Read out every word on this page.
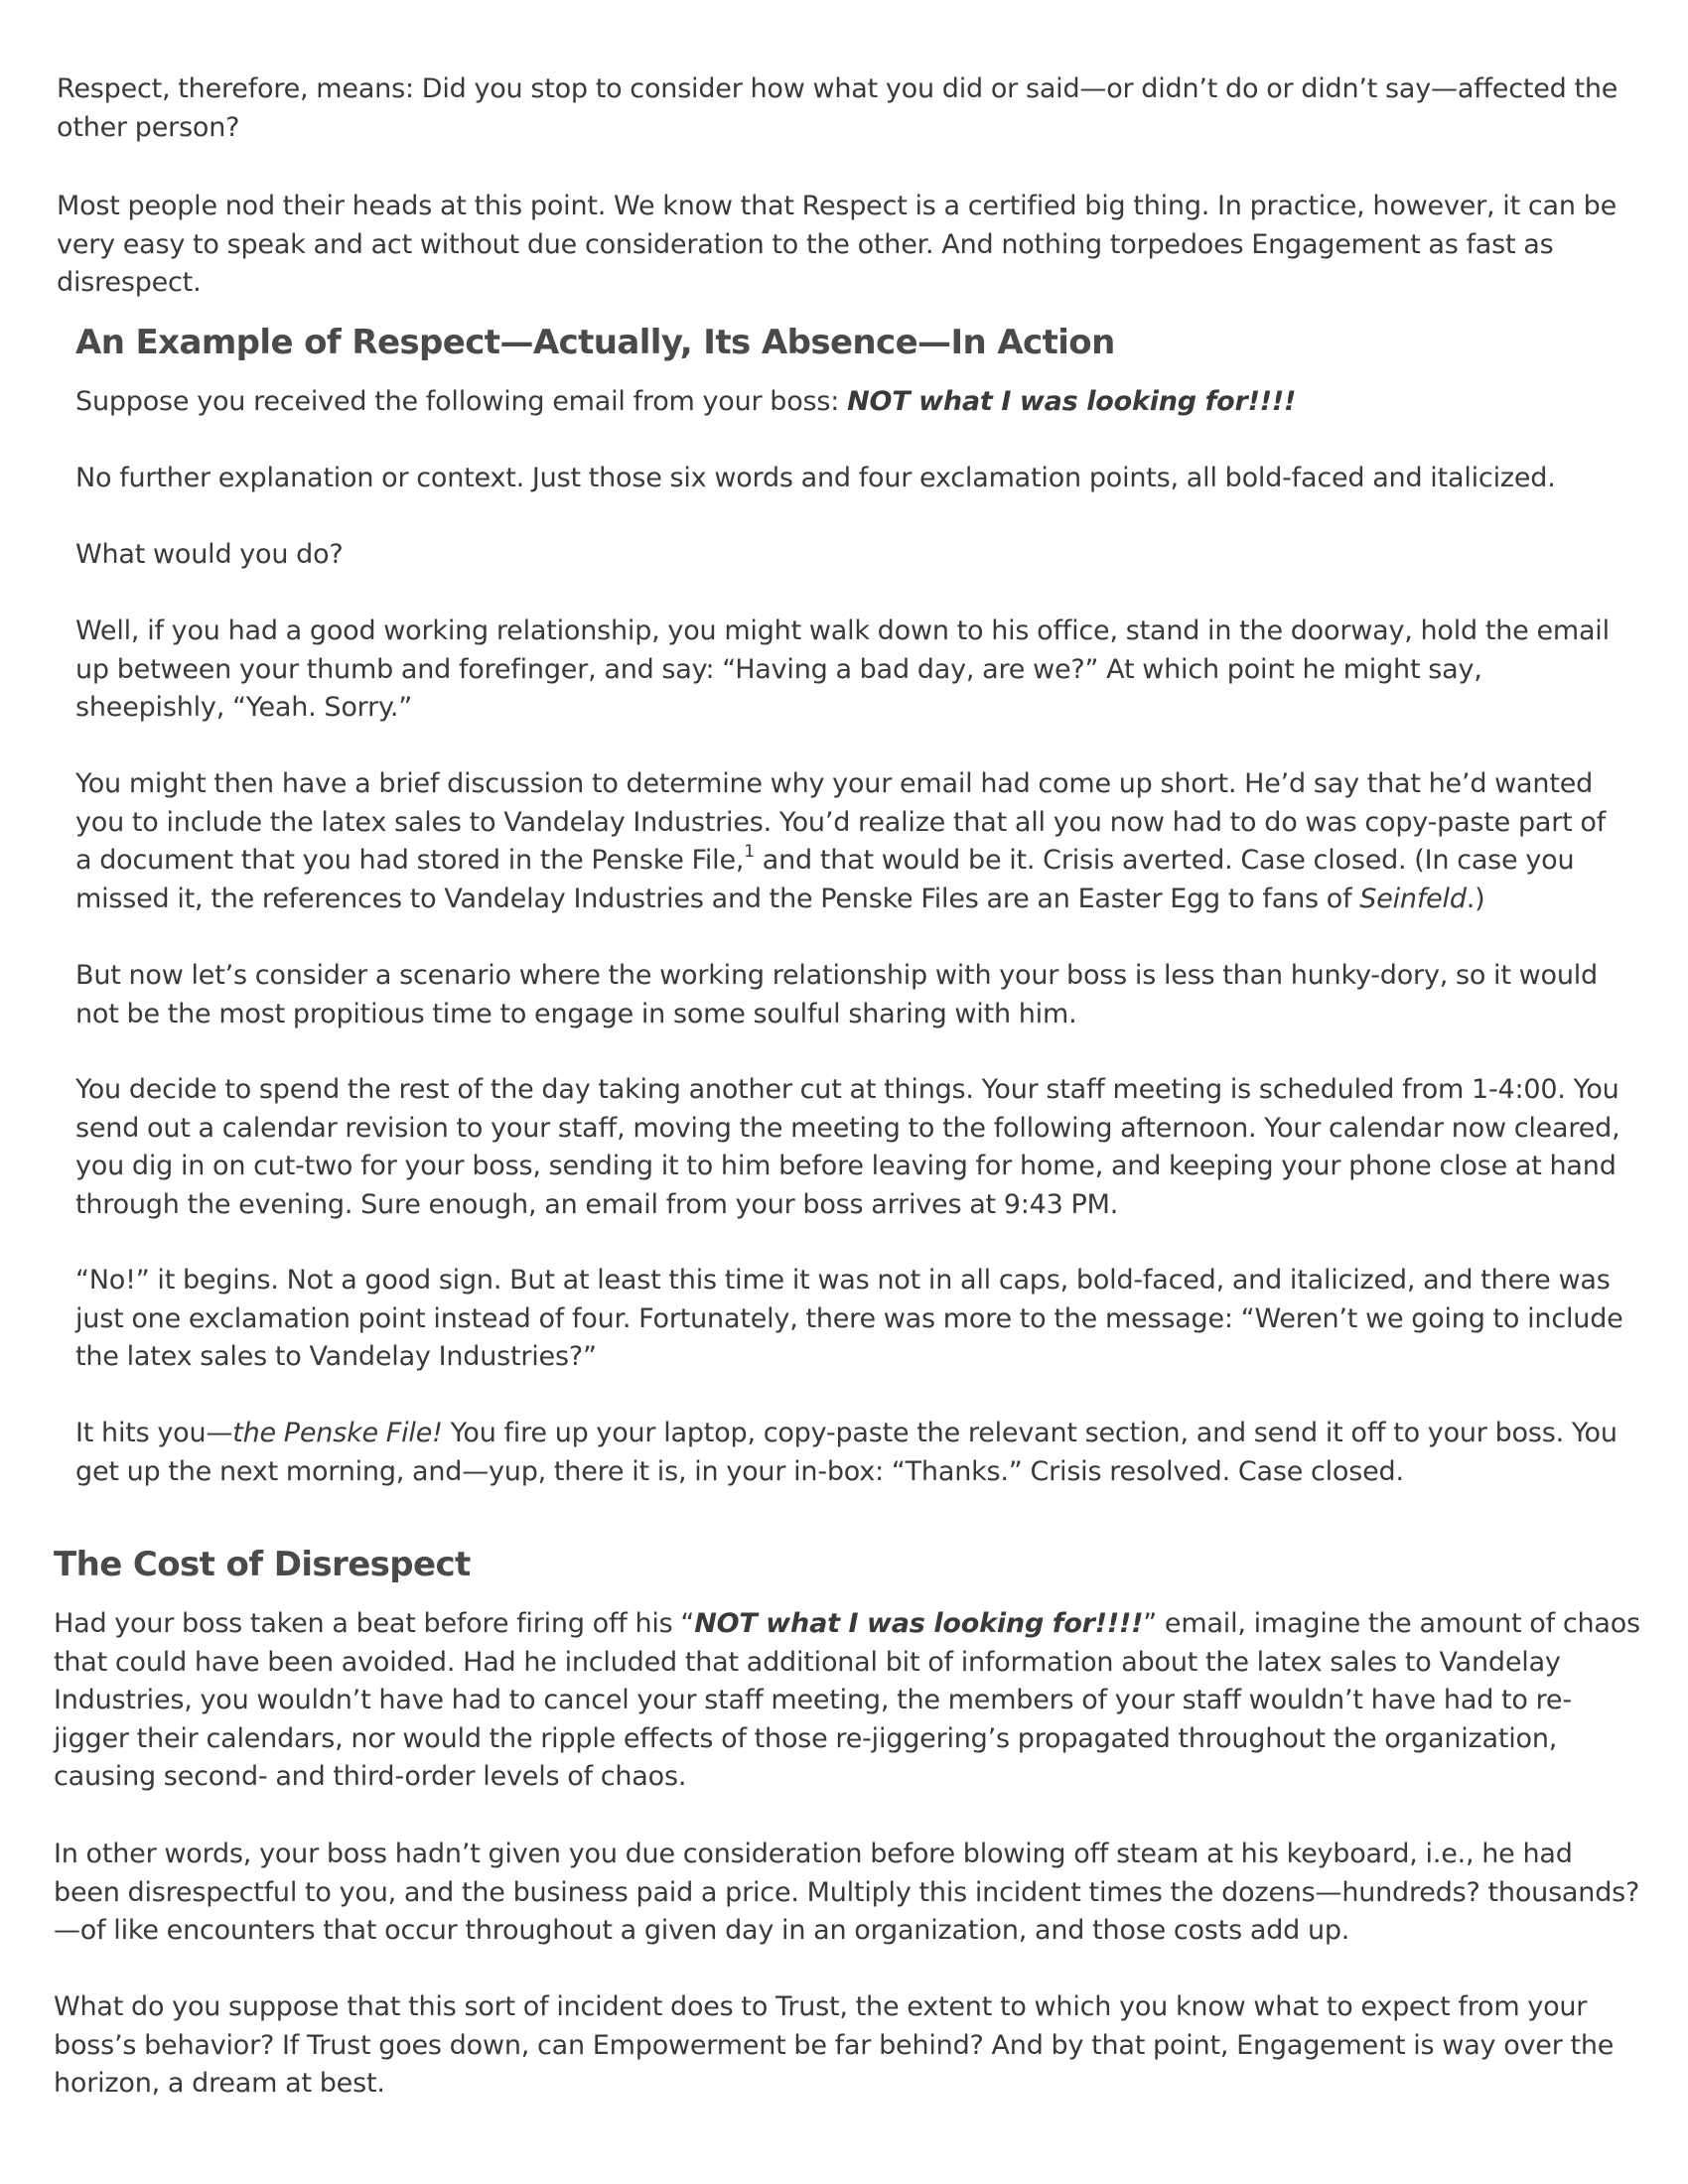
Respect, therefore, means: Did you stop to consider how what you did or said—or didn’t do or didn’t say—affected the other person?

Most people nod their heads at this point. We know that Respect is a certified big thing. In practice, however, it can be very easy to speak and act without due consideration to the other. And nothing torpedoes Engagement as fast as disrespect.

An Example of Respect—Actually, Its Absence—In Action

Suppose you received the following email from your boss: NOT what I was looking for!!!!

No further explanation or context. Just those six words and four exclamation points, all bold-faced and italicized.

What would you do?

Well, if you had a good working relationship, you might walk down to his office, stand in the doorway, hold the email up between your thumb and forefinger, and say: “Having a bad day, are we?” At which point he might say, sheepishly, “Yeah. Sorry.”

You might then have a brief discussion to determine why your email had come up short. He’d say that he’d wanted you to include the latex sales to Vandelay Industries. You’d realize that all you now had to do was copy-paste part of a document that you had stored in the Penske File,$^1$ and that would be it. Crisis averted. Case closed. (In case you missed it, the references to Vandelay Industries and the Penske Files are an Easter Egg to fans of Seinfeld.)

But now let’s consider a scenario where the working relationship with your boss is less than hunky-dory, so it would not be the most propitious time to engage in some soulful sharing with him.

You decide to spend the rest of the day taking another cut at things. Your staff meeting is scheduled from 1-4:00. You send out a calendar revision to your staff, moving the meeting to the following afternoon. Your calendar now cleared, you dig in on cut-two for your boss, sending it to him before leaving for home, and keeping your phone close at hand through the evening. Sure enough, an email from your boss arrives at 9:43 PM.

“No!” it begins. Not a good sign. But at least this time it was not in all caps, bold-faced, and italicized, and there was just one exclamation point instead of four. Fortunately, there was more to the message: “Weren’t we going to include the latex sales to Vandelay Industries?”

It hits you—the Penske File! You fire up your laptop, copy-paste the relevant section, and send it off to your boss. You get up the next morning, and—yup, there it is, in your in-box: “Thanks.” Crisis resolved. Case closed.

The Cost of Disrespect

Had your boss taken a beat before firing off his “NOT what I was looking for!!!!” email, imagine the amount of chaos that could have been avoided. Had he included that additional bit of information about the latex sales to Vandelay Industries, you wouldn’t have had to cancel your staff meeting, the members of your staff wouldn’t have had to re-jigger their calendars, nor would the ripple effects of those re-jiggering’s propagated throughout the organization, causing second- and third-order levels of chaos.

In other words, your boss hadn’t given you due consideration before blowing off steam at his keyboard, i.e., he had been disrespectful to you, and the business paid a price. Multiply this incident times the dozens—hundreds? thousands?—of like encounters that occur throughout a given day in an organization, and those costs add up.

What do you suppose that this sort of incident does to Trust, the extent to which you know what to expect from your boss’s behavior? If Trust goes down, can Empowerment be far behind? And by that point, Engagement is way over the horizon, a dream at best.
